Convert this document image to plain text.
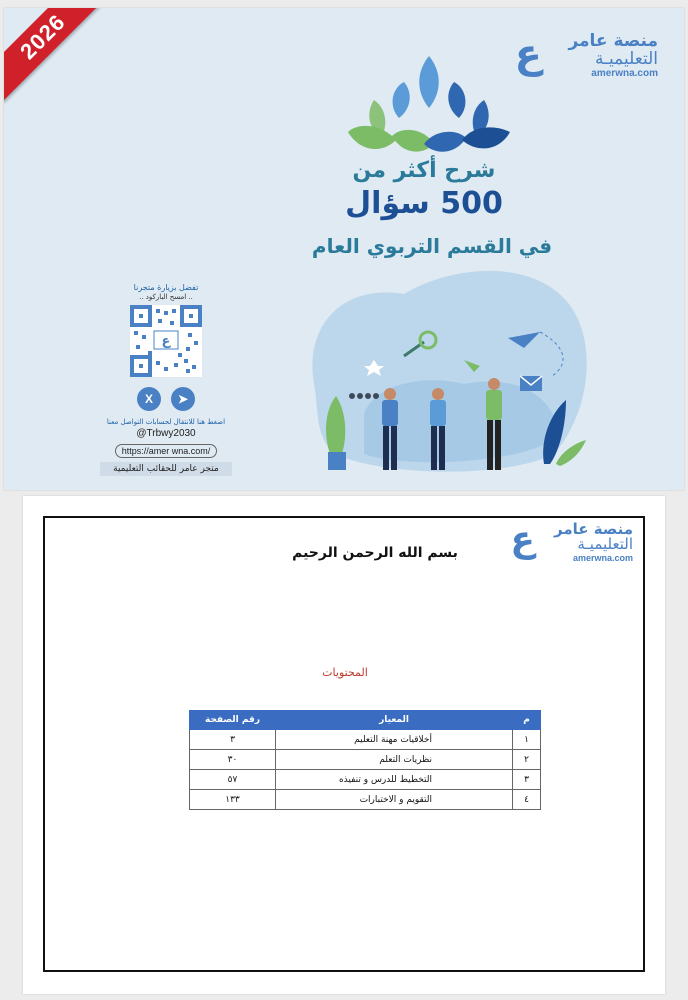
2026	ع منصة عامر
التعليميـة
amerwna.com
شرح أكثر من
500 سؤال
في القسم التربوي العام
تفضل بزيارة متجرنا
.. امسح الباركود ..
ع
X	➤
اضغط هنا للانتقال لحسابات التواصل معنا
@Trbwy2030
https://amer wna.com/
متجر عامر للحقائب التعليمية
ع منصة عامر
التعليميـة
amerwna.com
بسم الله الرحمن الرحيم
المحتويات
م	المعيار	رقم الصفحة
١	أخلاقيات مهنة التعليم	٣
٢	نظريات التعلم	٣٠
٣	التخطيط للدرس و تنفيذه	٥٧
٤	التقويم و الاختبارات	١٣٣
